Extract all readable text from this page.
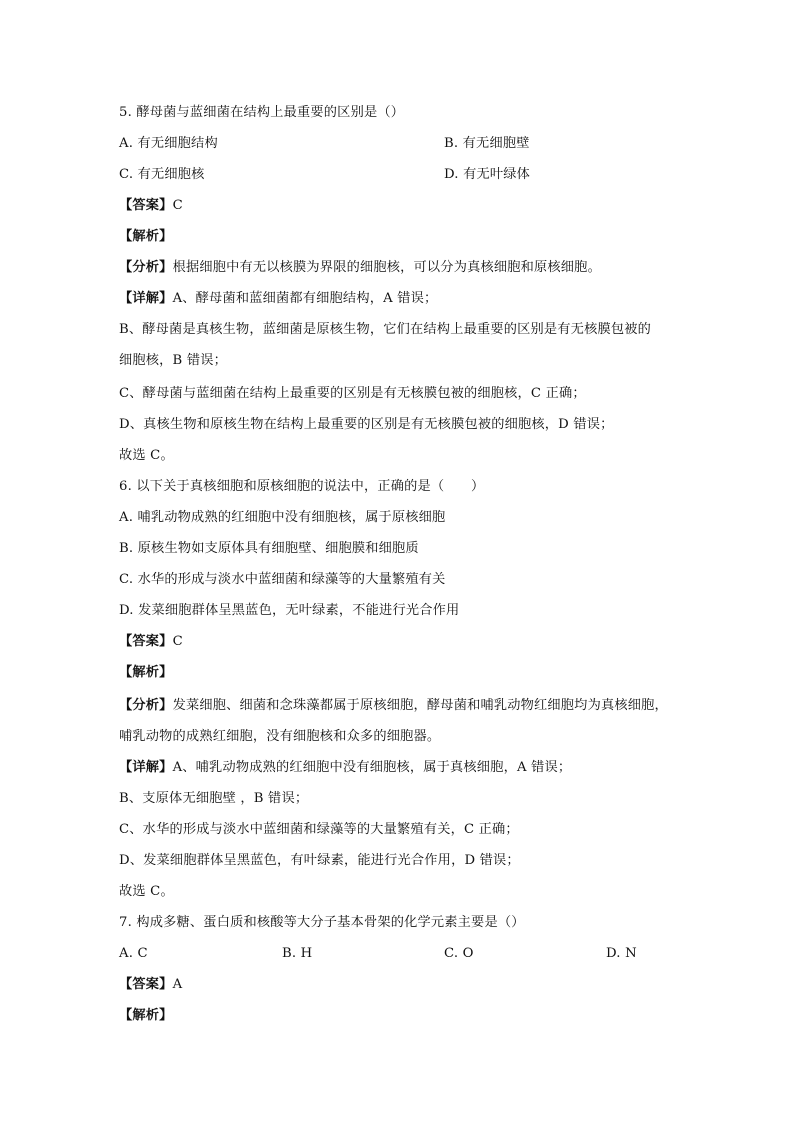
5. 酵母菌与蓝细菌在结构上最重要的区别是（）
A. 有无细胞结构	B. 有无细胞壁
C. 有无细胞核	D. 有无叶绿体
【答案】C
【解析】
【分析】根据细胞中有无以核膜为界限的细胞核，可以分为真核细胞和原核细胞。
【详解】A、酵母菌和蓝细菌都有细胞结构，A 错误；
B、酵母菌是真核生物，蓝细菌是原核生物，它们在结构上最重要的区别是有无核膜包被的
细胞核，B 错误；
C、酵母菌与蓝细菌在结构上最重要的区别是有无核膜包被的细胞核，C 正确；
D、真核生物和原核生物在结构上最重要的区别是有无核膜包被的细胞核，D 错误；
故选 C。
6. 以下关于真核细胞和原核细胞的说法中，正确的是（　　）
A. 哺乳动物成熟的红细胞中没有细胞核，属于原核细胞
B. 原核生物如支原体具有细胞壁、细胞膜和细胞质
C. 水华的形成与淡水中蓝细菌和绿藻等的大量繁殖有关
D. 发菜细胞群体呈黑蓝色，无叶绿素，不能进行光合作用
【答案】C
【解析】
【分析】发菜细胞、细菌和念珠藻都属于原核细胞，酵母菌和哺乳动物红细胞均为真核细胞，
哺乳动物的成熟红细胞，没有细胞核和众多的细胞器。
【详解】A、哺乳动物成熟的红细胞中没有细胞核，属于真核细胞，A 错误；
B、支原体无细胞壁 ，B 错误；
C、水华的形成与淡水中蓝细菌和绿藻等的大量繁殖有关，C 正确；
D、发菜细胞群体呈黑蓝色，有叶绿素，能进行光合作用，D 错误；
故选 C。
7. 构成多糖、蛋白质和核酸等大分子基本骨架的化学元素主要是（）
A. C	B. H	C. O	D. N
【答案】A
【解析】
